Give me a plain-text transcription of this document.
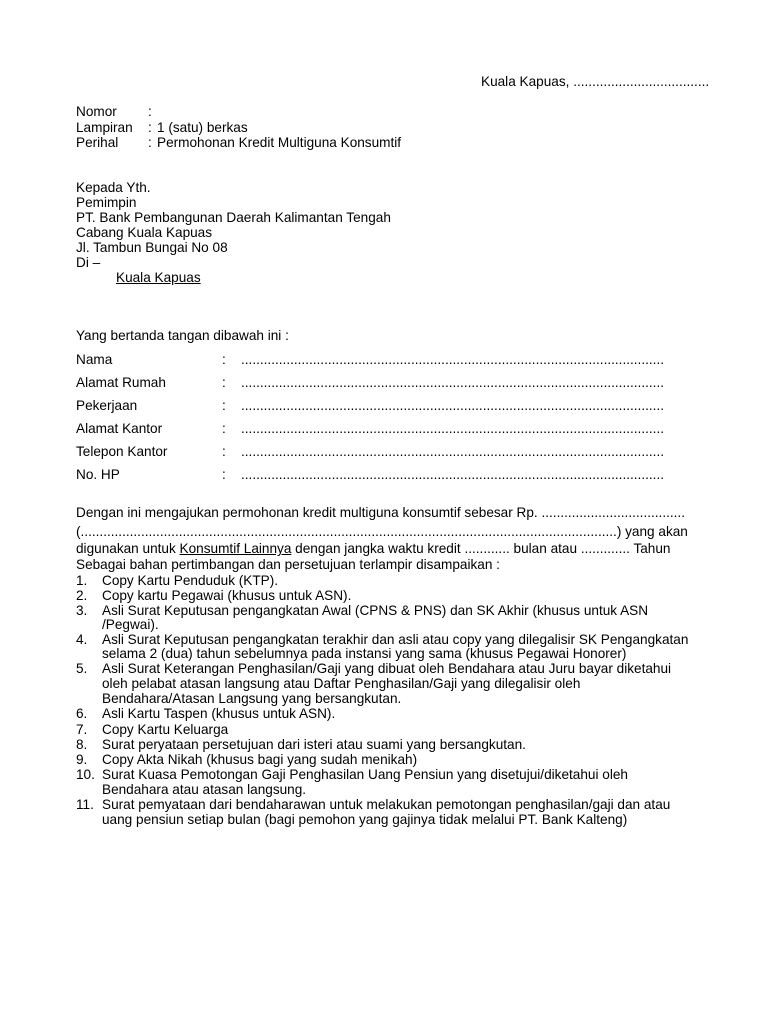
Kuala Kapuas, ....................................
Nomor :
Lampiran : 1 (satu) berkas
Perihal : Permohonan Kredit Multiguna Konsumtif
Kepada Yth.
Pemimpin
PT. Bank Pembangunan Daerah Kalimantan Tengah
Cabang Kuala Kapuas
Jl. Tambun Bungai No 08
Di –
Kuala Kapuas
Yang bertanda tangan dibawah ini :
Nama	: ................................................................................................................
Alamat Rumah	: ................................................................................................................
Pekerjaan	: ................................................................................................................
Alamat Kantor	: ................................................................................................................
Telepon Kantor	: ................................................................................................................
No. HP	: ................................................................................................................
Dengan ini mengajukan permohonan kredit multiguna konsumtif sebesar Rp. ......................................
(..............................................................................................................................................) yang akan
digunakan untuk Konsumtif Lainnya dengan jangka waktu kredit ............ bulan atau ............. Tahun
Sebagai bahan pertimbangan dan persetujuan terlampir disampaikan :
1. Copy Kartu Penduduk (KTP).
2. Copy kartu Pegawai (khusus untuk ASN).
3. Asli Surat Keputusan pengangkatan Awal (CPNS & PNS) dan SK Akhir (khusus untuk ASN
/Pegwai).
4. Asli Surat Keputusan pengangkatan terakhir dan asli atau copy yang dilegalisir SK Pengangkatan
selama 2 (dua) tahun sebelumnya pada instansi yang sama (khusus Pegawai Honorer)
5. Asli Surat Keterangan Penghasilan/Gaji yang dibuat oleh Bendahara atau Juru bayar diketahui
oleh pelabat atasan langsung atau Daftar Penghasilan/Gaji yang dilegalisir oleh
Bendahara/Atasan Langsung yang bersangkutan.
6. Asli Kartu Taspen (khusus untuk ASN).
7. Copy Kartu Keluarga
8. Surat peryataan persetujuan dari isteri atau suami yang bersangkutan.
9. Copy Akta Nikah (khusus bagi yang sudah menikah)
10. Surat Kuasa Pemotongan Gaji Penghasilan Uang Pensiun yang disetujui/diketahui oleh
Bendahara atau atasan langsung.
11. Surat pemyataan dari bendaharawan untuk melakukan pemotongan penghasilan/gaji dan atau
uang pensiun setiap bulan (bagi pemohon yang gajinya tidak melalui PT. Bank Kalteng)
